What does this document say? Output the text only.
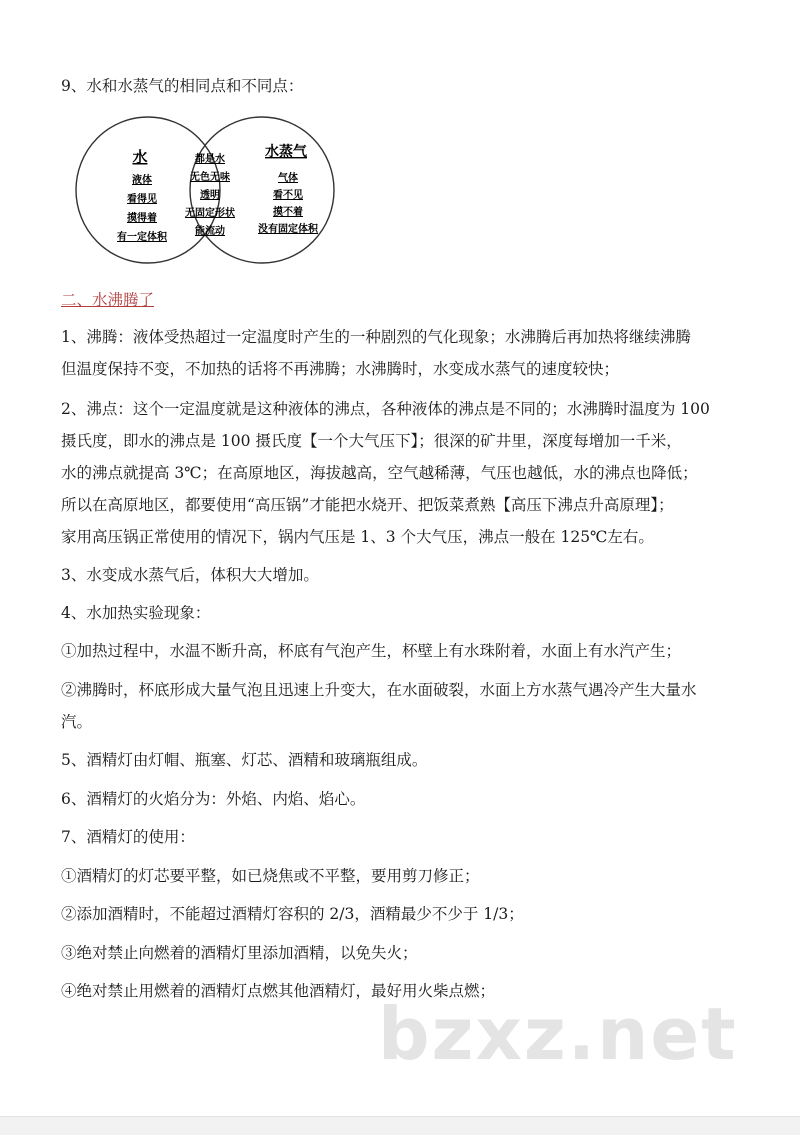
9、水和水蒸气的相同点和不同点：
水
液体
看得见
摸得着
有一定体积
都是水
无色无味
透明
无固定形状
能流动
水蒸气
气体
看不见
摸不着
没有固定体积
二、水沸腾了
1、沸腾：液体受热超过一定温度时产生的一种剧烈的气化现象；水沸腾后再加热将继续沸腾
但温度保持不变，不加热的话将不再沸腾；水沸腾时，水变成水蒸气的速度较快；
2、沸点：这个一定温度就是这种液体的沸点，各种液体的沸点是不同的；水沸腾时温度为 100
摄氏度，即水的沸点是 100 摄氏度【一个大气压下】；很深的矿井里，深度每增加一千米，
水的沸点就提高 3℃；在高原地区，海拔越高，空气越稀薄，气压也越低，水的沸点也降低；
所以在高原地区，都要使用“高压锅”才能把水烧开、把饭菜煮熟【高压下沸点升高原理】；
家用高压锅正常使用的情况下，锅内气压是 1、3 个大气压，沸点一般在 125℃左右。
3、水变成水蒸气后，体积大大增加。
4、水加热实验现象：
①加热过程中，水温不断升高，杯底有气泡产生，杯壁上有水珠附着，水面上有水汽产生；
②沸腾时，杯底形成大量气泡且迅速上升变大，在水面破裂，水面上方水蒸气遇冷产生大量水
汽。
5、酒精灯由灯帽、瓶塞、灯芯、酒精和玻璃瓶组成。
6、酒精灯的火焰分为：外焰、内焰、焰心。
7、酒精灯的使用：
①酒精灯的灯芯要平整，如已烧焦或不平整，要用剪刀修正；
②添加酒精时，不能超过酒精灯容积的 2/3，酒精最少不少于 1/3；
③绝对禁止向燃着的酒精灯里添加酒精，以免失火；
④绝对禁止用燃着的酒精灯点燃其他酒精灯，最好用火柴点燃；
bzxz.net
